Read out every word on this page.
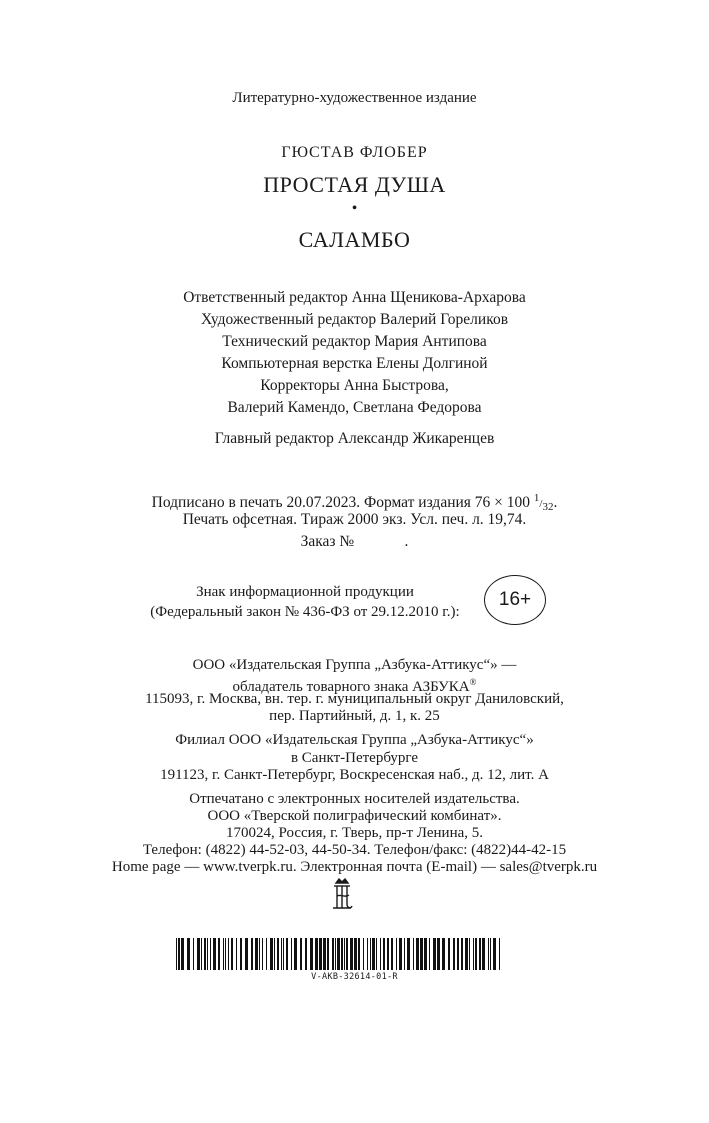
Литературно-художественное издание
ГЮСТАВ ФЛОБЕР
ПРОСТАЯ ДУША
•
САЛАМБО
Ответственный редактор Анна Щеникова-Архарова
Художественный редактор Валерий Гореликов
Технический редактор Мария Антипова
Компьютерная верстка Елены Долгиной
Корректоры Анна Быстрова,
Валерий Камендо, Светлана Федорова
Главный редактор Александр Жикаренцев
Подписано в печать 20.07.2023. Формат издания 76 × 100 $^1/_{32}$.
Печать офсетная. Тираж 2000 экз. Усл. печ. л. 19,74.
Заказ №             .
Знак информационной продукции
(Федеральный закон № 436-ФЗ от 29.12.2010 г.):
16+
ООО «Издательская Группа „Азбука-Аттикус“» —
обладатель товарного знака АЗБУКА®
115093, г. Москва, вн. тер. г. муниципальный округ Даниловский,
пер. Партийный, д. 1, к. 25
Филиал ООО «Издательская Группа „Азбука-Аттикус“»
в Санкт-Петербурге
191123, г. Санкт-Петербург, Воскресенская наб., д. 12, лит. А
Отпечатано с электронных носителей издательства.
ООО «Тверской полиграфический комбинат».
170024, Россия, г. Тверь, пр-т Ленина, 5.
Телефон: (4822) 44-52-03, 44-50-34. Телефон/факс: (4822)44-42-15
Home page — www.tverpk.ru. Электронная почта (E-mail) — sales@tverpk.ru
V-AKB-32614-01-R
